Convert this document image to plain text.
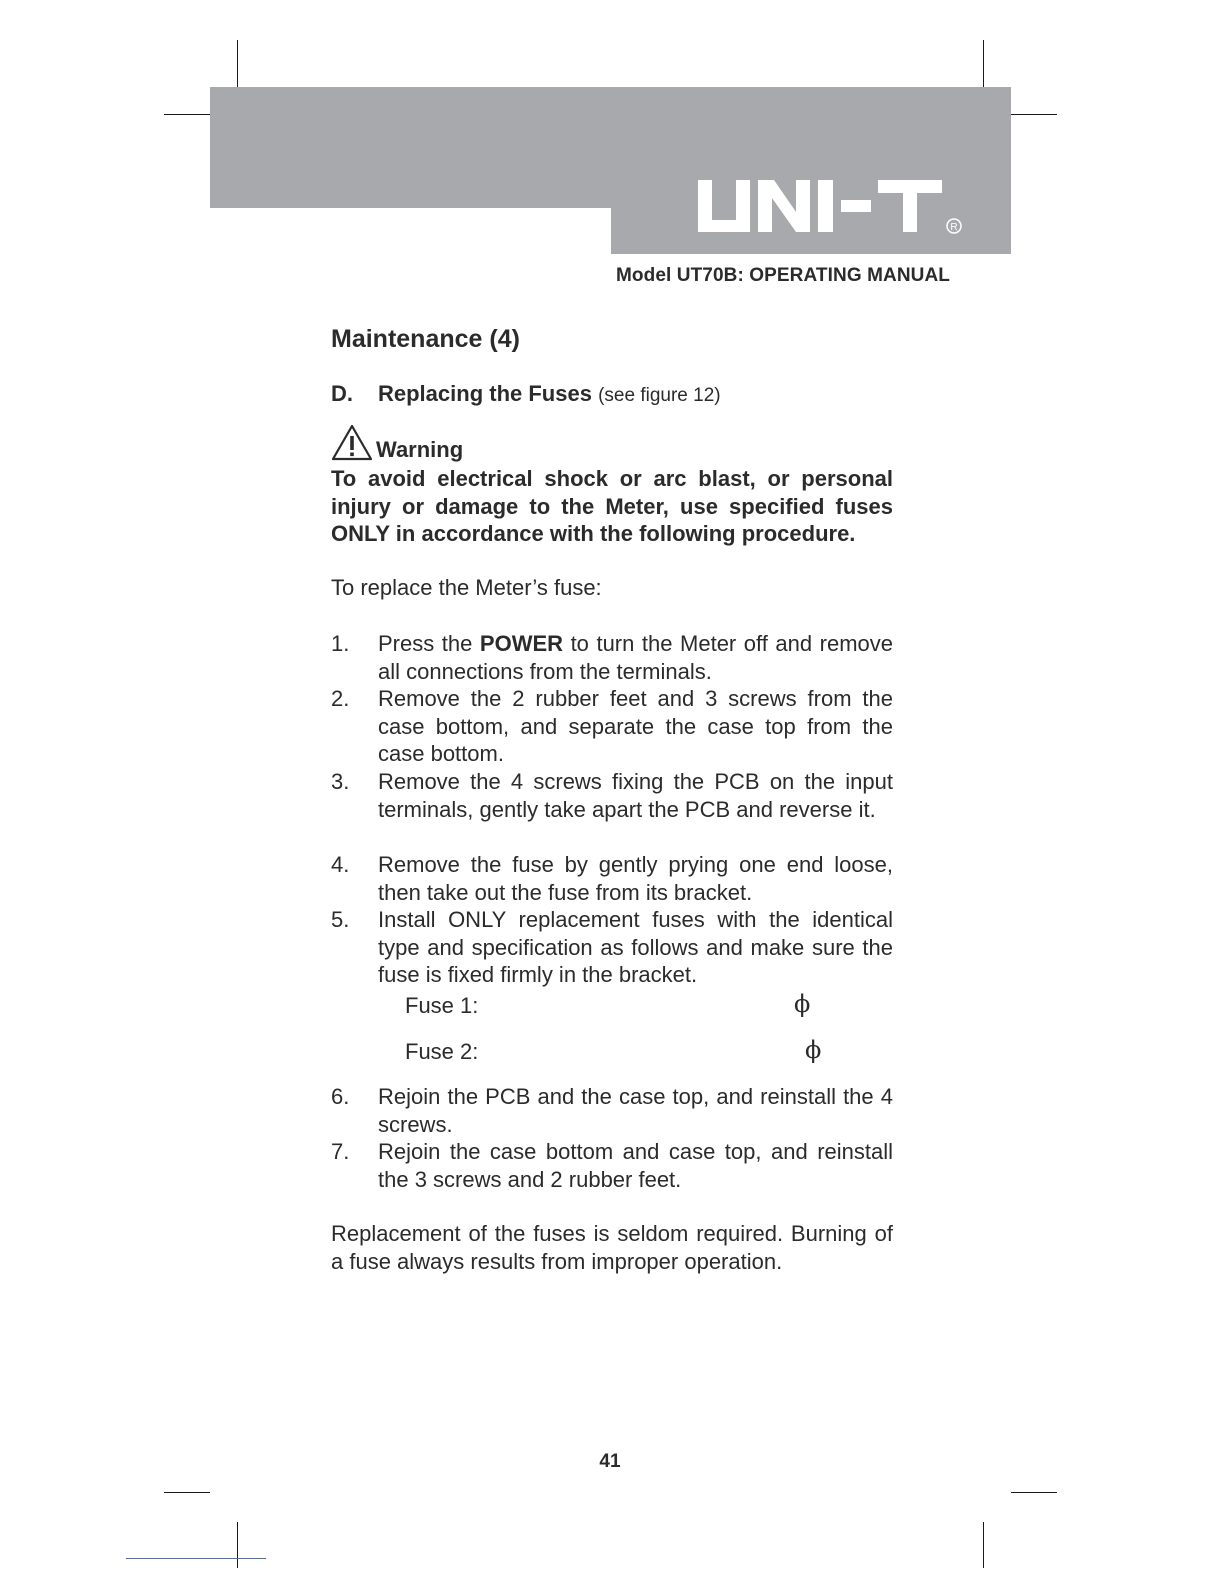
R
Model UT70B: OPERATING MANUAL
Maintenance (4)
D. Replacing the Fuses (see figure 12)
Warning
To avoid electrical shock or arc blast, or personal injury or damage to the Meter, use specified fuses ONLY in accordance with the following procedure.
To replace the Meter’s fuse:
1. Press the POWER to turn the Meter off and remove all connections from the terminals.
2. Remove the 2 rubber feet and 3 screws from the case bottom, and separate the case top from the case bottom.
3. Remove the 4 screws fixing the PCB on the input terminals, gently take apart the PCB and reverse it.
4. Remove the fuse by gently prying one end loose, then take out the fuse from its bracket.
5. Install ONLY replacement fuses with the identical type and specification as follows and make sure the fuse is fixed firmly in the bracket.
Fuse 1:	ϕ
Fuse 2:	ϕ
6. Rejoin the PCB and the case top, and reinstall the 4 screws.
7. Rejoin the case bottom and case top, and reinstall the 3 screws and 2 rubber feet.
Replacement of the fuses is seldom required. Burning of a fuse always results from improper operation.
41
